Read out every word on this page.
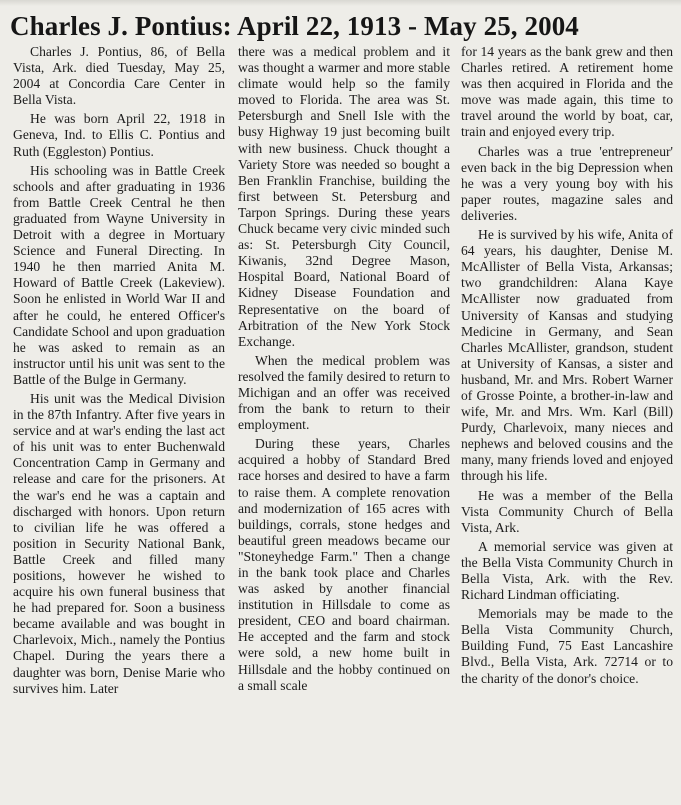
Charles J. Pontius: April 22, 1913 - May 25, 2004

Charles J. Pontius, 86, of Bella Vista, Ark. died Tuesday, May 25, 2004 at Concordia Care Center in Bella Vista.

He was born April 22, 1918 in Geneva, Ind. to Ellis C. Pontius and Ruth (Eggleston) Pontius.

His schooling was in Battle Creek schools and after graduating in 1936 from Battle Creek Central he then graduated from Wayne University in Detroit with a degree in Mortuary Science and Funeral Directing. In 1940 he then married Anita M. Howard of Battle Creek (Lakeview). Soon he enlisted in World War II and after he could, he entered Officer's Candidate School and upon graduation he was asked to remain as an instructor until his unit was sent to the Battle of the Bulge in Germany.

His unit was the Medical Division in the 87th Infantry. After five years in service and at war's ending the last act of his unit was to enter Buchenwald Concentration Camp in Germany and release and care for the prisoners. At the war's end he was a captain and discharged with honors. Upon return to civilian life he was offered a position in Security National Bank, Battle Creek and filled many positions, however he wished to acquire his own funeral business that he had prepared for. Soon a business became available and was bought in Charlevoix, Mich., namely the Pontius Chapel. During the years there a daughter was born, Denise Marie who survives him. Later

there was a medical problem and it was thought a warmer and more stable climate would help so the family moved to Florida. The area was St. Petersburgh and Snell Isle with the busy Highway 19 just becoming built with new business. Chuck thought a Variety Store was needed so bought a Ben Franklin Franchise, building the first between St. Petersburg and Tarpon Springs. During these years Chuck became very civic minded such as: St. Petersburgh City Council, Kiwanis, 32nd Degree Mason, Hospital Board, National Board of Kidney Disease Foundation and Representative on the board of Arbitration of the New York Stock Exchange.

When the medical problem was resolved the family desired to return to Michigan and an offer was received from the bank to return to their employment.

During these years, Charles acquired a hobby of Standard Bred race horses and desired to have a farm to raise them. A complete renovation and modernization of 165 acres with buildings, corrals, stone hedges and beautiful green meadows became our "Stoneyhedge Farm." Then a change in the bank took place and Charles was asked by another financial institution in Hillsdale to come as president, CEO and board chairman. He accepted and the farm and stock were sold, a new home built in Hillsdale and the hobby continued on a small scale

for 14 years as the bank grew and then Charles retired. A retirement home was then acquired in Florida and the move was made again, this time to travel around the world by boat, car, train and enjoyed every trip.

Charles was a true 'entrepreneur' even back in the big Depression when he was a very young boy with his paper routes, magazine sales and deliveries.

He is survived by his wife, Anita of 64 years, his daughter, Denise M. McAllister of Bella Vista, Arkansas; two grandchildren: Alana Kaye McAllister now graduated from University of Kansas and studying Medicine in Germany, and Sean Charles McAllister, grandson, student at University of Kansas, a sister and husband, Mr. and Mrs. Robert Warner of Grosse Pointe, a brother-in-law and wife, Mr. and Mrs. Wm. Karl (Bill) Purdy, Charlevoix, many nieces and nephews and beloved cousins and the many, many friends loved and enjoyed through his life.

He was a member of the Bella Vista Community Church of Bella Vista, Ark.

A memorial service was given at the Bella Vista Community Church in Bella Vista, Ark. with the Rev. Richard Lindman officiating.

Memorials may be made to the Bella Vista Community Church, Building Fund, 75 East Lancashire Blvd., Bella Vista, Ark. 72714 or to the charity of the donor's choice.
